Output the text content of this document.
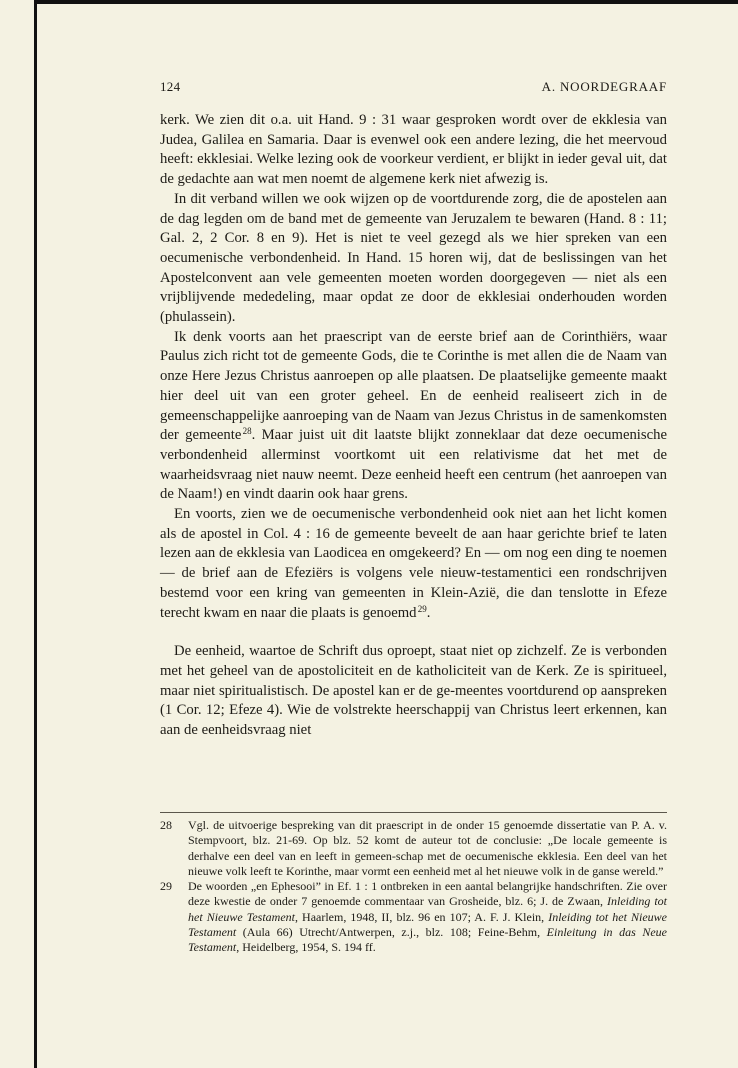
124	A. NOORDEGRAAF

kerk. We zien dit o.a. uit Hand. 9 : 31 waar gesproken wordt over de ekklesia van Judea, Galilea en Samaria. Daar is evenwel ook een andere lezing, die het meervoud heeft: ekklesiai. Welke lezing ook de voorkeur verdient, er blijkt in ieder geval uit, dat de gedachte aan wat men noemt de algemene kerk niet afwezig is.

In dit verband willen we ook wijzen op de voortdurende zorg, die de apostelen aan de dag legden om de band met de gemeente van Jeruzalem te bewaren (Hand. 8 : 11; Gal. 2, 2 Cor. 8 en 9). Het is niet te veel gezegd als we hier spreken van een oecumenische verbondenheid. In Hand. 15 horen wij, dat de beslissingen van het Apostelconvent aan vele gemeenten moeten worden doorgegeven — niet als een vrijblijvende mededeling, maar opdat ze door de ekklesiai onderhouden worden (phulassein).

Ik denk voorts aan het praescript van de eerste brief aan de Corinthiërs, waar Paulus zich richt tot de gemeente Gods, die te Corinthe is met allen die de Naam van onze Here Jezus Christus aanroepen op alle plaatsen. De plaatselijke gemeente maakt hier deel uit van een groter geheel. En de eenheid realiseert zich in de gemeenschappelijke aanroeping van de Naam van Jezus Christus in de samenkomsten der gemeente $^{28}$. Maar juist uit dit laatste blijkt zonneklaar dat deze oecumenische verbondenheid allerminst voortkomt uit een relativisme dat het met de waarheidsvraag niet nauw neemt. Deze eenheid heeft een centrum (het aanroepen van de Naam!) en vindt daarin ook haar grens.

En voorts, zien we de oecumenische verbondenheid ook niet aan het licht komen als de apostel in Col. 4 : 16 de gemeente beveelt de aan haar gerichte brief te laten lezen aan de ekklesia van Laodicea en omgekeerd? En — om nog een ding te noemen — de brief aan de Efeziërs is volgens vele nieuw-testamentici een rondschrijven bestemd voor een kring van gemeenten in Klein-Azië, die dan tenslotte in Efeze terecht kwam en naar die plaats is genoemd $^{29}$.

De eenheid, waartoe de Schrift dus oproept, staat niet op zichzelf. Ze is verbonden met het geheel van de apostoliciteit en de katholiciteit van de Kerk. Ze is spiritueel, maar niet spiritualistisch. De apostel kan er de ge-meentes voortdurend op aanspreken (1 Cor. 12; Efeze 4). Wie de volstrekte heerschappij van Christus leert erkennen, kan aan de eenheidsvraag niet

28 Vgl. de uitvoerige bespreking van dit praescript in de onder 15 genoemde dissertatie van P. A. v. Stempvoort, blz. 21-69. Op blz. 52 komt de auteur tot de conclusie: „De locale gemeente is derhalve een deel van en leeft in gemeen-schap met de oecumenische ekklesia. Een deel van het nieuwe volk leeft te Korinthe, maar vormt een eenheid met al het nieuwe volk in de ganse wereld.”

29 De woorden „en Ephesooi” in Ef. 1 : 1 ontbreken in een aantal belangrijke handschriften. Zie over deze kwestie de onder 7 genoemde commentaar van Grosheide, blz. 6; J. de Zwaan, Inleiding tot het Nieuwe Testament, Haarlem, 1948, II, blz. 96 en 107; A. F. J. Klein, Inleiding tot het Nieuwe Testament (Aula 66) Utrecht/Antwerpen, z.j., blz. 108; Feine-Behm, Einleitung in das Neue Testament, Heidelberg, 1954, S. 194 ff.
